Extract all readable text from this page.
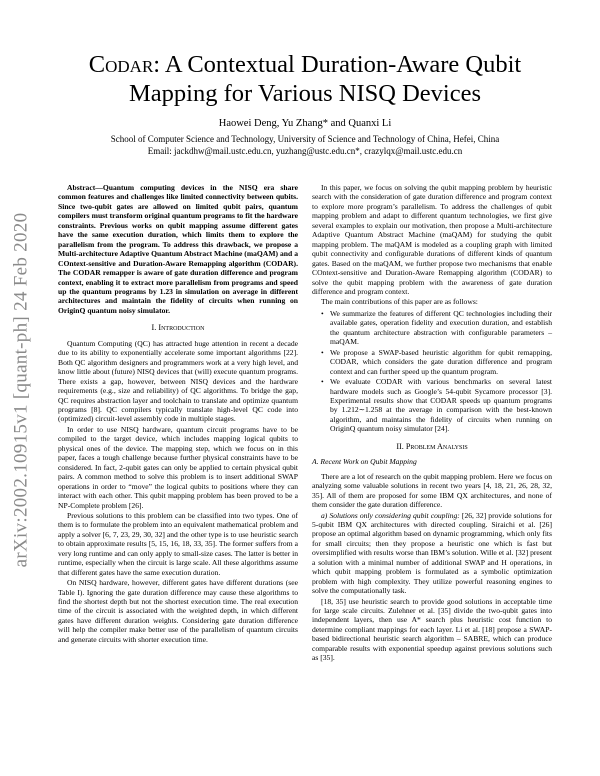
arXiv:2002.10915v1 [quant-ph] 24 Feb 2020
Codar: A Contextual Duration-Aware Qubit
Mapping for Various NISQ Devices
Haowei Deng, Yu Zhang* and Quanxi Li
School of Computer Science and Technology, University of Science and Technology of China, Hefei, China
Email: jackdhw@mail.ustc.edu.cn, yuzhang@ustc.edu.cn*, crazylqx@mail.ustc.edu.cn

Abstract—Quantum computing devices in the NISQ era share common features and challenges like limited connectivity between qubits. Since two-qubit gates are allowed on limited qubit pairs, quantum compilers must transform original quantum programs to fit the hardware constraints. Previous works on qubit mapping assume different gates have the same execution duration, which limits them to explore the parallelism from the program. To address this drawback, we propose a Multi-architecture Adaptive Quantum Abstract Machine (maQAM) and a COntext-sensitive and Duration-Aware Remapping algorithm (CODAR). The CODAR remapper is aware of gate duration difference and program context, enabling it to extract more parallelism from programs and speed up the quantum programs by 1.23 in simulation on average in different architectures and maintain the fidelity of circuits when running on OriginQ quantum noisy simulator.

I. Introduction

Quantum Computing (QC) has attracted huge attention in recent a decade due to its ability to exponentially accelerate some important algorithms [22]. Both QC algorithm designers and programmers work at a very high level, and know little about (future) NISQ devices that (will) execute quantum programs. There exists a gap, however, between NISQ devices and the hardware requirements (e.g., size and reliability) of QC algorithms. To bridge the gap, QC requires abstraction layer and toolchain to translate and optimize quantum programs [8]. QC compilers typically translate high-level QC code into (optimized) circuit-level assembly code in multiple stages.

In order to use NISQ hardware, quantum circuit programs have to be compiled to the target device, which includes mapping logical qubits to physical ones of the device. The mapping step, which we focus on in this paper, faces a tough challenge because further physical constraints have to be considered. In fact, 2-qubit gates can only be applied to certain physical qubit pairs. A common method to solve this problem is to insert additional SWAP operations in order to “move” the logical qubits to positions where they can interact with each other. This qubit mapping problem has been proved to be a NP-Complete problem [26].

Previous solutions to this problem can be classified into two types. One of them is to formulate the problem into an equivalent mathematical problem and apply a solver [6, 7, 23, 29, 30, 32] and the other type is to use heuristic search to obtain approximate results [5, 15, 16, 18, 33, 35]. The former suffers from a very long runtime and can only apply to small-size cases. The latter is better in runtime, especially when the circuit is large scale. All these algorithms assume that different gates have the same execution duration.

On NISQ hardware, however, different gates have different durations (see Table I). Ignoring the gate duration difference may cause these algorithms to find the shortest depth but not the shortest execution time. The real execution time of the circuit is associated with the weighted depth, in which different gates have different duration weights. Considering gate duration difference will help the compiler make better use of the parallelism of quantum circuits and generate circuits with shorter execution time.

In this paper, we focus on solving the qubit mapping problem by heuristic search with the consideration of gate duration difference and program context to explore more program’s parallelism. To address the challenges of qubit mapping problem and adapt to different quantum technologies, we first give several examples to explain our motivation, then propose a Multi-architecture Adaptive Quantum Abstract Machine (maQAM) for studying the qubit mapping problem. The maQAM is modeled as a coupling graph with limited qubit connectivity and configurable durations of different kinds of quantum gates. Based on the maQAM, we further propose two mechanisms that enable COntext-sensitive and Duration-Aware Remapping algorithm (CODAR) to solve the qubit mapping problem with the awareness of gate duration difference and program context.

The main contributions of this paper are as follows:

• We summarize the features of different QC technologies including their available gates, operation fidelity and execution duration, and establish the quantum architecture abstraction with configurable parameters – maQAM.
• We propose a SWAP-based heuristic algorithm for qubit remapping, CODAR, which considers the gate duration difference and program context and can further speed up the quantum program.
• We evaluate CODAR with various benchmarks on several latest hardware models such as Google’s 54-qubit Sycamore processor [3]. Experimental results show that CODAR speeds up quantum programs by 1.212∼1.258 at the average in comparison with the best-known algorithm, and maintains the fidelity of circuits when running on OriginQ quantum noisy simulator [24].
II. Problem Analysis
A. Recent Work on Qubit Mapping

There are a lot of research on the qubit mapping problem. Here we focus on analyzing some valuable solutions in recent two years [4, 18, 21, 26, 28, 32, 35]. All of them are proposed for some IBM QX architectures, and none of them consider the gate duration difference.

a) Solutions only considering qubit coupling: [26, 32] provide solutions for 5-qubit IBM QX architectures with directed coupling. Siraichi et al. [26] propose an optimal algorithm based on dynamic programming, which only fits for small circuits; then they propose a heuristic one which is fast but oversimplified with results worse than IBM’s solution. Wille et al. [32] present a solution with a minimal number of additional SWAP and H operations, in which qubit mapping problem is formulated as a symbolic optimization problem with high complexity. They utilize powerful reasoning engines to solve the computationally task.

[18, 35] use heuristic search to provide good solutions in acceptable time for large scale circuits. Zulehner et al. [35] divide the two-qubit gates into independent layers, then use A* search plus heuristic cost function to determine compliant mappings for each layer. Li et al. [18] propose a SWAP-based bidirectional heuristic search algorithm – SABRE, which can produce comparable results with exponential speedup against previous solutions such as [35].
